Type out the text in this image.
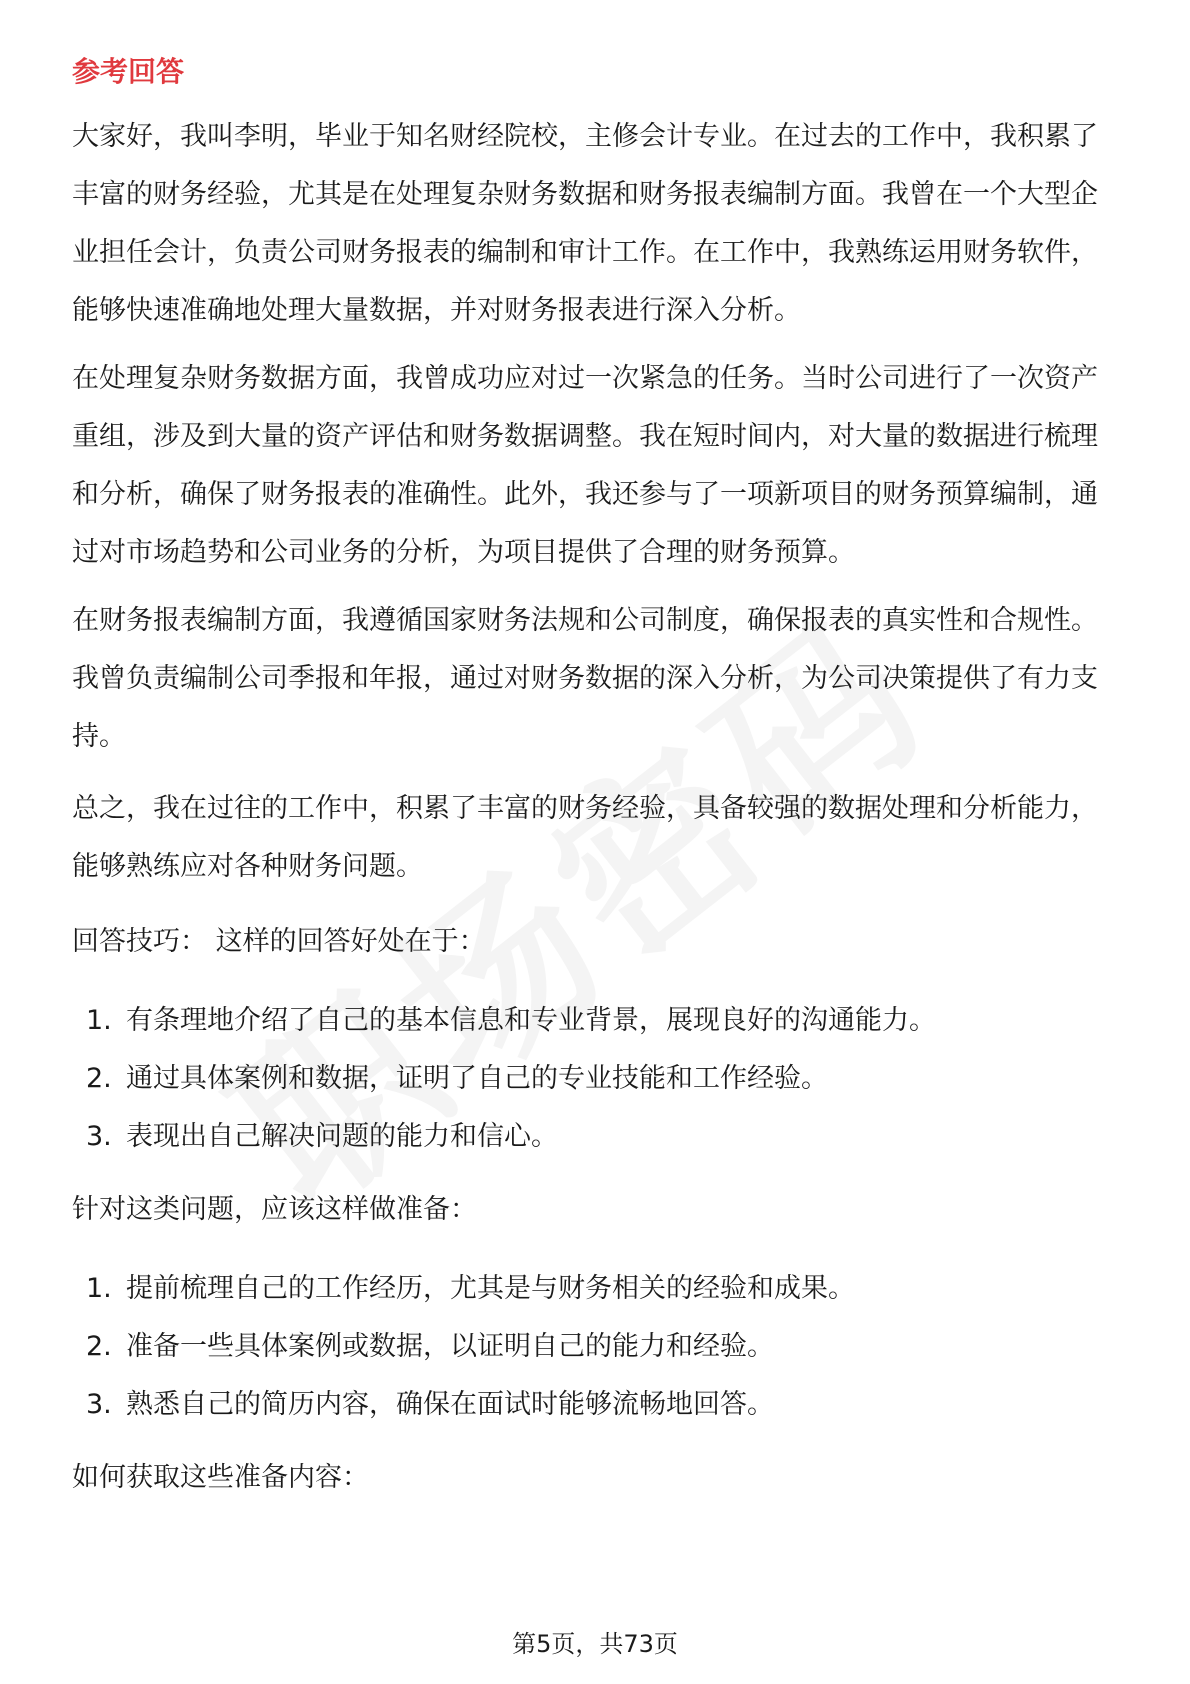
参考回答

大家好，我叫李明，毕业于知名财经院校，主修会计专业。在过去的工作中，我积累了丰富的财务经验，尤其是在处理复杂财务数据和财务报表编制方面。我曾在一个大型企业担任会计，负责公司财务报表的编制和审计工作。在工作中，我熟练运用财务软件，能够快速准确地处理大量数据，并对财务报表进行深入分析。

在处理复杂财务数据方面，我曾成功应对过一次紧急的任务。当时公司进行了一次资产重组，涉及到大量的资产评估和财务数据调整。我在短时间内，对大量的数据进行梳理和分析，确保了财务报表的准确性。此外，我还参与了一项新项目的财务预算编制，通过对市场趋势和公司业务的分析，为项目提供了合理的财务预算。

在财务报表编制方面，我遵循国家财务法规和公司制度，确保报表的真实性和合规性。我曾负责编制公司季报和年报，通过对财务数据的深入分析，为公司决策提供了有力支持。

总之，我在过往的工作中，积累了丰富的财务经验，具备较强的数据处理和分析能力，能够熟练应对各种财务问题。

回答技巧： 这样的回答好处在于：

1. 有条理地介绍了自己的基本信息和专业背景，展现良好的沟通能力。
2. 通过具体案例和数据，证明了自己的专业技能和工作经验。
3. 表现出自己解决问题的能力和信心。

针对这类问题，应该这样做准备：

1. 提前梳理自己的工作经历，尤其是与财务相关的经验和成果。
2. 准备一些具体案例或数据，以证明自己的能力和经验。
3. 熟悉自己的简历内容，确保在面试时能够流畅地回答。

如何获取这些准备内容：

第5页，共73页
